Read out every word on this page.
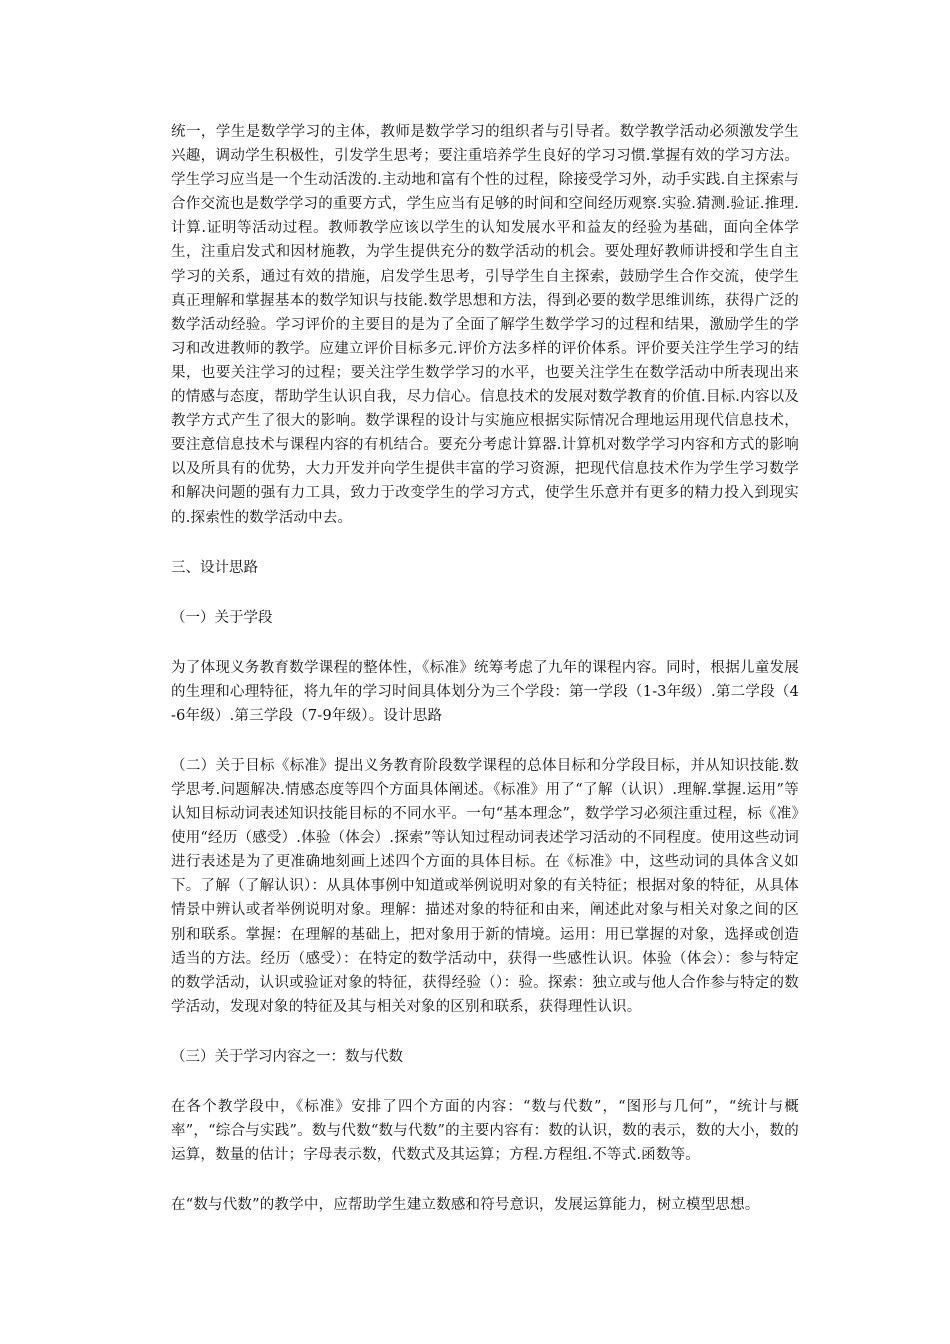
统一，学生是数学学习的主体，教师是数学学习的组织者与引导者。数学教学活动必须激发学生兴趣，调动学生积极性，引发学生思考；要注重培养学生良好的学习习惯.掌握有效的学习方法。学生学习应当是一个生动活泼的.主动地和富有个性的过程，除接受学习外，动手实践.自主探索与合作交流也是数学学习的重要方式，学生应当有足够的时间和空间经历观察.实验.猜测.验证.推理.计算.证明等活动过程。教师教学应该以学生的认知发展水平和益友的经验为基础，面向全体学生，注重启发式和因材施教，为学生提供充分的数学活动的机会。要处理好教师讲授和学生自主学习的关系，通过有效的措施，启发学生思考，引导学生自主探索，鼓励学生合作交流，使学生真正理解和掌握基本的数学知识与技能.数学思想和方法，得到必要的数学思维训练，获得广泛的数学活动经验。学习评价的主要目的是为了全面了解学生数学学习的过程和结果，激励学生的学习和改进教师的教学。应建立评价目标多元.评价方法多样的评价体系。评价要关注学生学习的结果，也要关注学习的过程；要关注学生数学学习的水平，也要关注学生在数学活动中所表现出来的情感与态度，帮助学生认识自我，尽力信心。信息技术的发展对数学教育的价值.目标.内容以及教学方式产生了很大的影响。数学课程的设计与实施应根据实际情况合理地运用现代信息技术，要注意信息技术与课程内容的有机结合。要充分考虑计算器.计算机对数学学习内容和方式的影响以及所具有的优势，大力开发并向学生提供丰富的学习资源，把现代信息技术作为学生学习数学和解决问题的强有力工具，致力于改变学生的学习方式，使学生乐意并有更多的精力投入到现实的.探索性的数学活动中去。

三、设计思路

（一）关于学段

为了体现义务教育数学课程的整体性，《标准》统筹考虑了九年的课程内容。同时，根据儿童发展的生理和心理特征，将九年的学习时间具体划分为三个学段：第一学段（1-3年级）.第二学段（4-6年级）.第三学段（7-9年级）。设计思路

（二）关于目标《标准》提出义务教育阶段数学课程的总体目标和分学段目标，并从知识技能.数学思考.问题解决.情感态度等四个方面具体阐述。《标准》用了“了解（认识）.理解.掌握.运用”等认知目标动词表述知识技能目标的不同水平。一句“基本理念”，数学学习必须注重过程，标《准》使用“经历（感受）.体验（体会）.探索”等认知过程动词表述学习活动的不同程度。使用这些动词进行表述是为了更准确地刻画上述四个方面的具体目标。在《标准》中，这些动词的具体含义如下。了解（了解认识）：从具体事例中知道或举例说明对象的有关特征；根据对象的特征，从具体情景中辨认或者举例说明对象。理解：描述对象的特征和由来，阐述此对象与相关对象之间的区别和联系。掌握：在理解的基础上，把对象用于新的情境。运用：用已掌握的对象，选择或创造适当的方法。经历（感受）：在特定的数学活动中，获得一些感性认识。体验（体会）：参与特定的数学活动，认识或验证对象的特征，获得经验（）：验。探索：独立或与他人合作参与特定的数学活动，发现对象的特征及其与相关对象的区别和联系，获得理性认识。

（三）关于学习内容之一：数与代数

在各个教学段中，《标准》安排了四个方面的内容：“数与代数”，“图形与几何”，“统计与概率”，“综合与实践”。数与代数“数与代数”的主要内容有：数的认识，数的表示，数的大小，数的运算，数量的估计；字母表示数，代数式及其运算；方程.方程组.不等式.函数等。

在“数与代数”的教学中，应帮助学生建立数感和符号意识，发展运算能力，树立模型思想。
